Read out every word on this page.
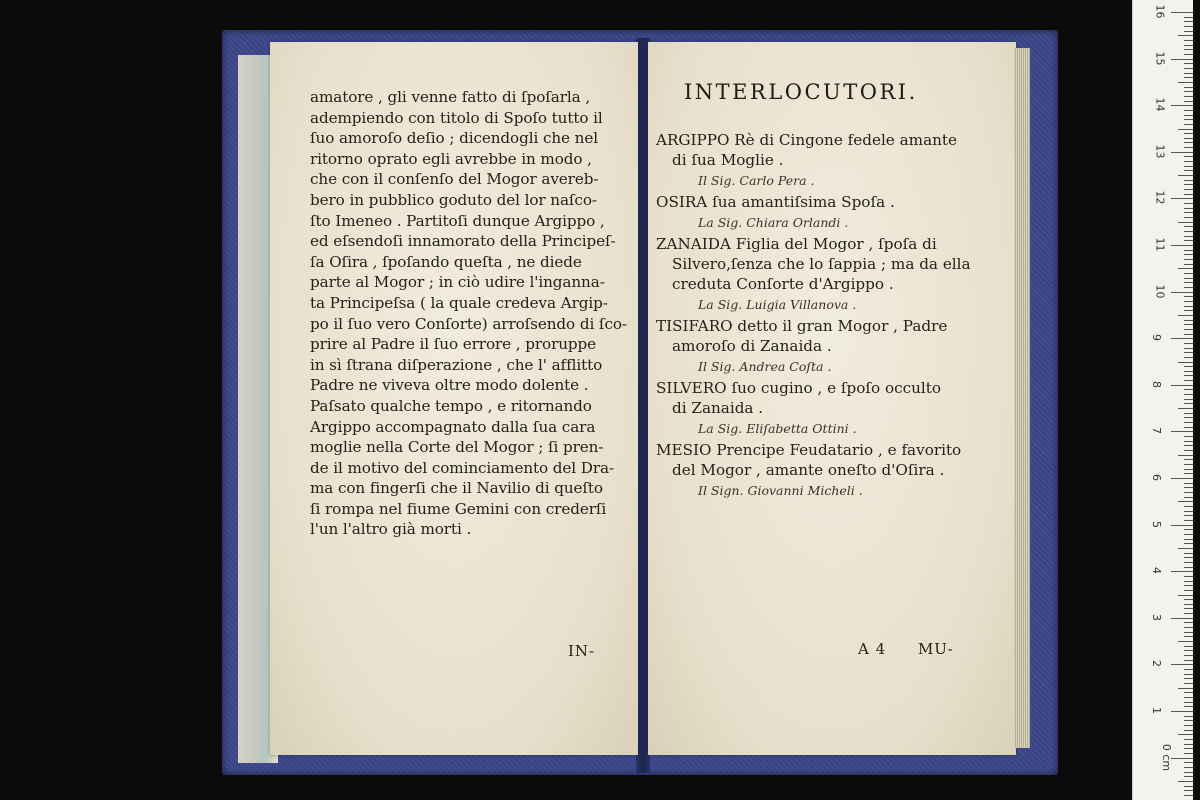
amatore , gli venne fatto di ſpoſarla ,
adempiendo con titolo di Spoſo tutto il
ſuo amoroſo deſio ; dicendogli che nel
ritorno oprato egli avrebbe in modo ,
che con il conſenſo del Mogor avereb-
bero in pubblico goduto del lor naſco-
ſto Imeneo . Partitoſi dunque Argippo ,
ed eſsendoſi innamorato della Principeſ-
ſa Oſira , ſpoſando queſta , ne diede
parte al Mogor ; in ciò udire l'inganna-
ta Principeſsa ( la quale credeva Argip-
po il ſuo vero Conſorte) arroſsendo di ſco-
prire al Padre il ſuo errore , proruppe
in sì ſtrana diſperazione , che l' afflitto
Padre ne viveva oltre modo dolente .
Paſsato qualche tempo , e ritornando
Argippo accompagnato dalla ſua cara
moglie nella Corte del Mogor ; ſi pren-
de il motivo del cominciamento del Dra-
ma con fingerſi che il Navilio di queſto
ſi rompa nel fiume Gemini con crederſi
l'un l'altro già morti .
IN-
INTERLOCUTORI.
ARGIPPO Rè di Cingone fedele amante
di ſua Moglie .
Il Sig. Carlo Pera .
OSIRA ſua amantiſsima Spoſa .
La Sig. Chiara Orlandi .
ZANAIDA Figlia del Mogor , ſpoſa di
Silvero,ſenza che lo ſappia ; ma da ella
creduta Conſorte d'Argippo .
La Sig. Luigia Villanova .
TISIFARO detto il gran Mogor , Padre
amoroſo di Zanaida .
Il Sig. Andrea Coſta .
SILVERO ſuo cugino , e ſpoſo occulto
di Zanaida .
La Sig. Eliſabetta Ottini .
MESIO Prencipe Feudatario , e favorito
del Mogor , amante oneſto d'Oſira .
Il Sign. Giovanni Micheli .
A 4 MU-
16
15
14
13
12
11
10
9
8
7
6
5
4
3
2
1
0 cm
